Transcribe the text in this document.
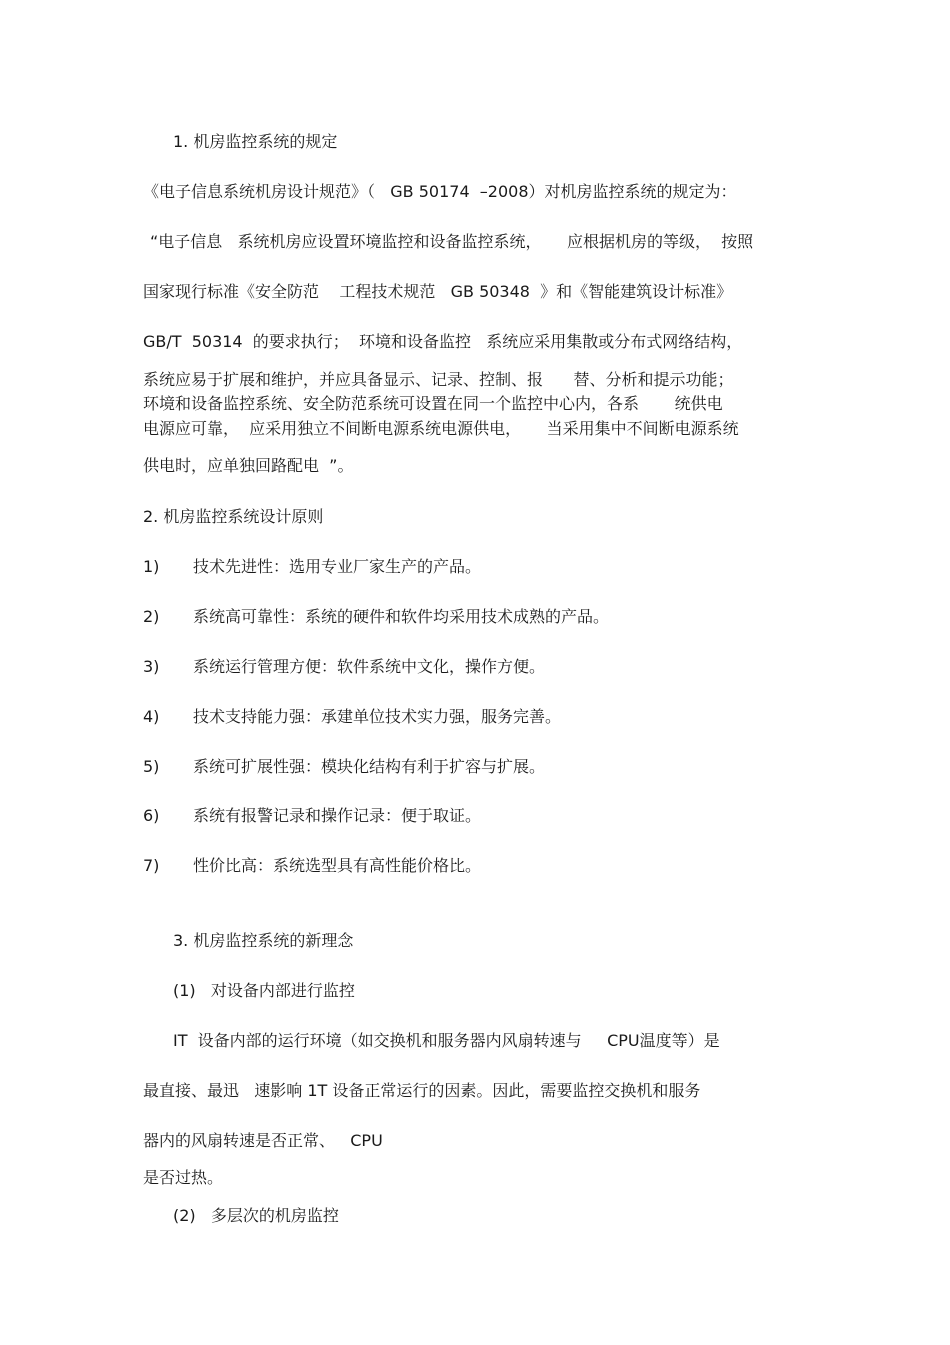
1. 机房监控系统的规定
《电子信息系统机房设计规范》（   GB 50174  –2008）对机房监控系统的规定为：
“电子信息   系统机房应设置环境监控和设备监控系统，     应根据机房的等级，  按照
国家现行标准《安全防范    工程技术规范   GB 50348  》和《智能建筑设计标准》
GB/T  50314  的要求执行；  环境和设备监控   系统应采用集散或分布式网络结构，
系统应易于扩展和维护，并应具备显示、记录、控制、报      替、分析和提示功能；
环境和设备监控系统、安全防范系统可设置在同一个监控中心内，各系       统供电
电源应可靠，  应采用独立不间断电源系统电源供电，     当采用集中不间断电源系统
供电时，应单独回路配电  ”。
2. 机房监控系统设计原则
1) 技术先进性：选用专业厂家生产的产品。
2) 系统高可靠性：系统的硬件和软件均采用技术成熟的产品。
3) 系统运行管理方便：软件系统中文化，操作方便。
4) 技术支持能力强：承建单位技术实力强，服务完善。
5) 系统可扩展性强：模块化结构有利于扩容与扩展。
6) 系统有报警记录和操作记录：便于取证。
7) 性价比高：系统选型具有高性能价格比。
3. 机房监控系统的新理念
(1)   对设备内部进行监控
IT  设备内部的运行环境（如交换机和服务器内风扇转速与     CPU温度等）是
最直接、最迅   速影响 1T 设备正常运行的因素。因此，需要监控交换机和服务
器内的风扇转速是否正常、   CPU
是否过热。
(2)   多层次的机房监控
